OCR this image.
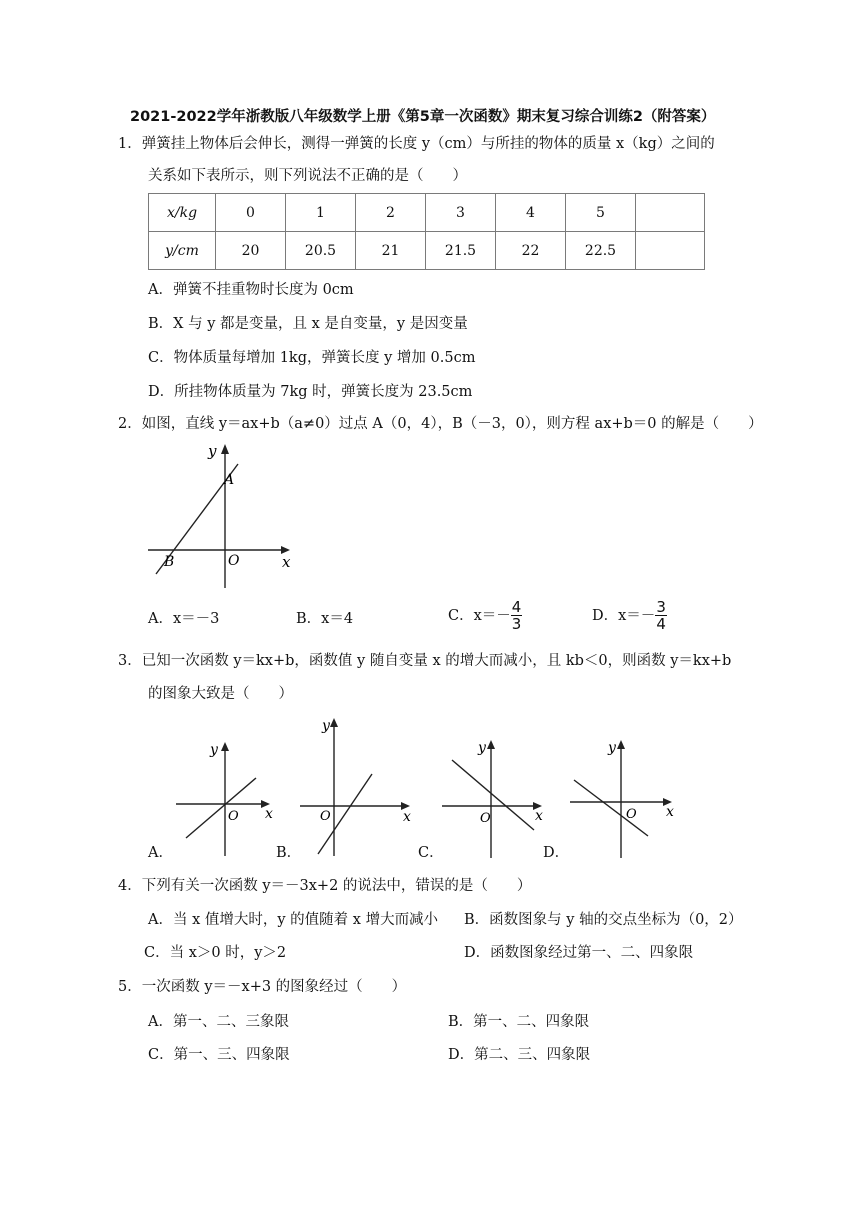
2021-2022学年浙教版八年级数学上册《第5章一次函数》期末复习综合训练2（附答案）
1．弹簧挂上物体后会伸长，测得一弹簧的长度 y（cm）与所挂的物体的质量 x（kg）之间的
关系如下表所示，则下列说法不正确的是（　　）
x/kg	0	1	2	3	4	5	
y/cm	20	20.5	21	21.5	22	22.5	
A．弹簧不挂重物时长度为 0cm
B．X 与 y 都是变量，且 x 是自变量，y 是因变量
C．物体质量每增加 1kg，弹簧长度 y 增加 0.5cm
D．所挂物体质量为 7kg 时，弹簧长度为 23.5cm
2．如图，直线 y＝ax+b（a≠0）过点 A（0，4），B（－3，0），则方程 ax+b＝0 的解是（　　）
y
x
A
B	O
A．x＝－3	B．x＝4	C．$x=- \frac{4}{3}$	D．$x=- \frac{3}{4}$
3．已知一次函数 y＝kx+b，函数值 y 随自变量 x 的增大而减小，且 kb＜0，则函数 y＝kx+b
的图象大致是（　　）
y
x
O
A．
y
x
O
B．
y
x
O
C．
y
x
O
D．
4．下列有关一次函数 y＝－3x+2 的说法中，错误的是（　　）
A．当 x 值增大时，y 的值随着 x 增大而减小 B．函数图象与 y 轴的交点坐标为（0，2）
C．当 x＞0 时，y＞2	D．函数图象经过第一、二、四象限
5．一次函数 y＝－x+3 的图象经过（　　）
A．第一、二、三象限	B．第一、二、四象限
C．第一、三、四象限	D．第二、三、四象限
